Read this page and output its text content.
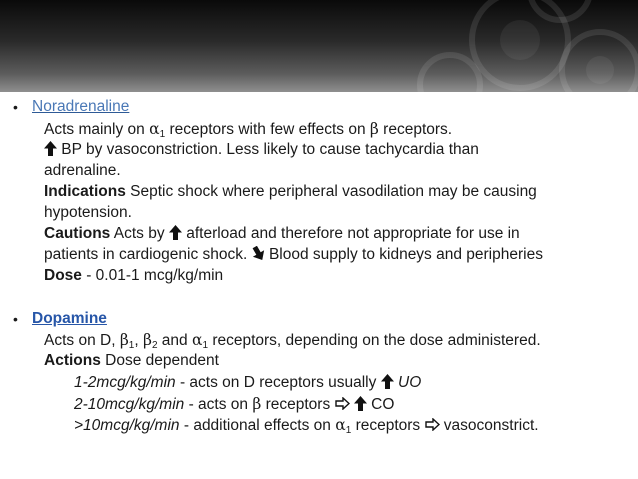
• Noradrenaline
Acts mainly on $\alpha_1$ receptors with few effects on β receptors.
BP by vasoconstriction. Less likely to cause tachycardia than
adrenaline.
Indications Septic shock where peripheral vasodilation may be causing
hypotension.
Cautions Acts by  afterload and therefore not appropriate for use in
patients in cardiogenic shock.  Blood supply to kidneys and peripheries
Dose - 0.01-1 mcg/kg/min
• Dopamine
Acts on D, $\beta_1$, $\beta_2$ and $\alpha_1$ receptors, depending on the dose administered.
Actions Dose dependent
1-2mcg/kg/min - acts on D receptors usually  UO
2-10mcg/kg/min - acts on β receptors   CO
>10mcg/kg/min - additional effects on $\alpha_1$ receptors  vasoconstrict.
